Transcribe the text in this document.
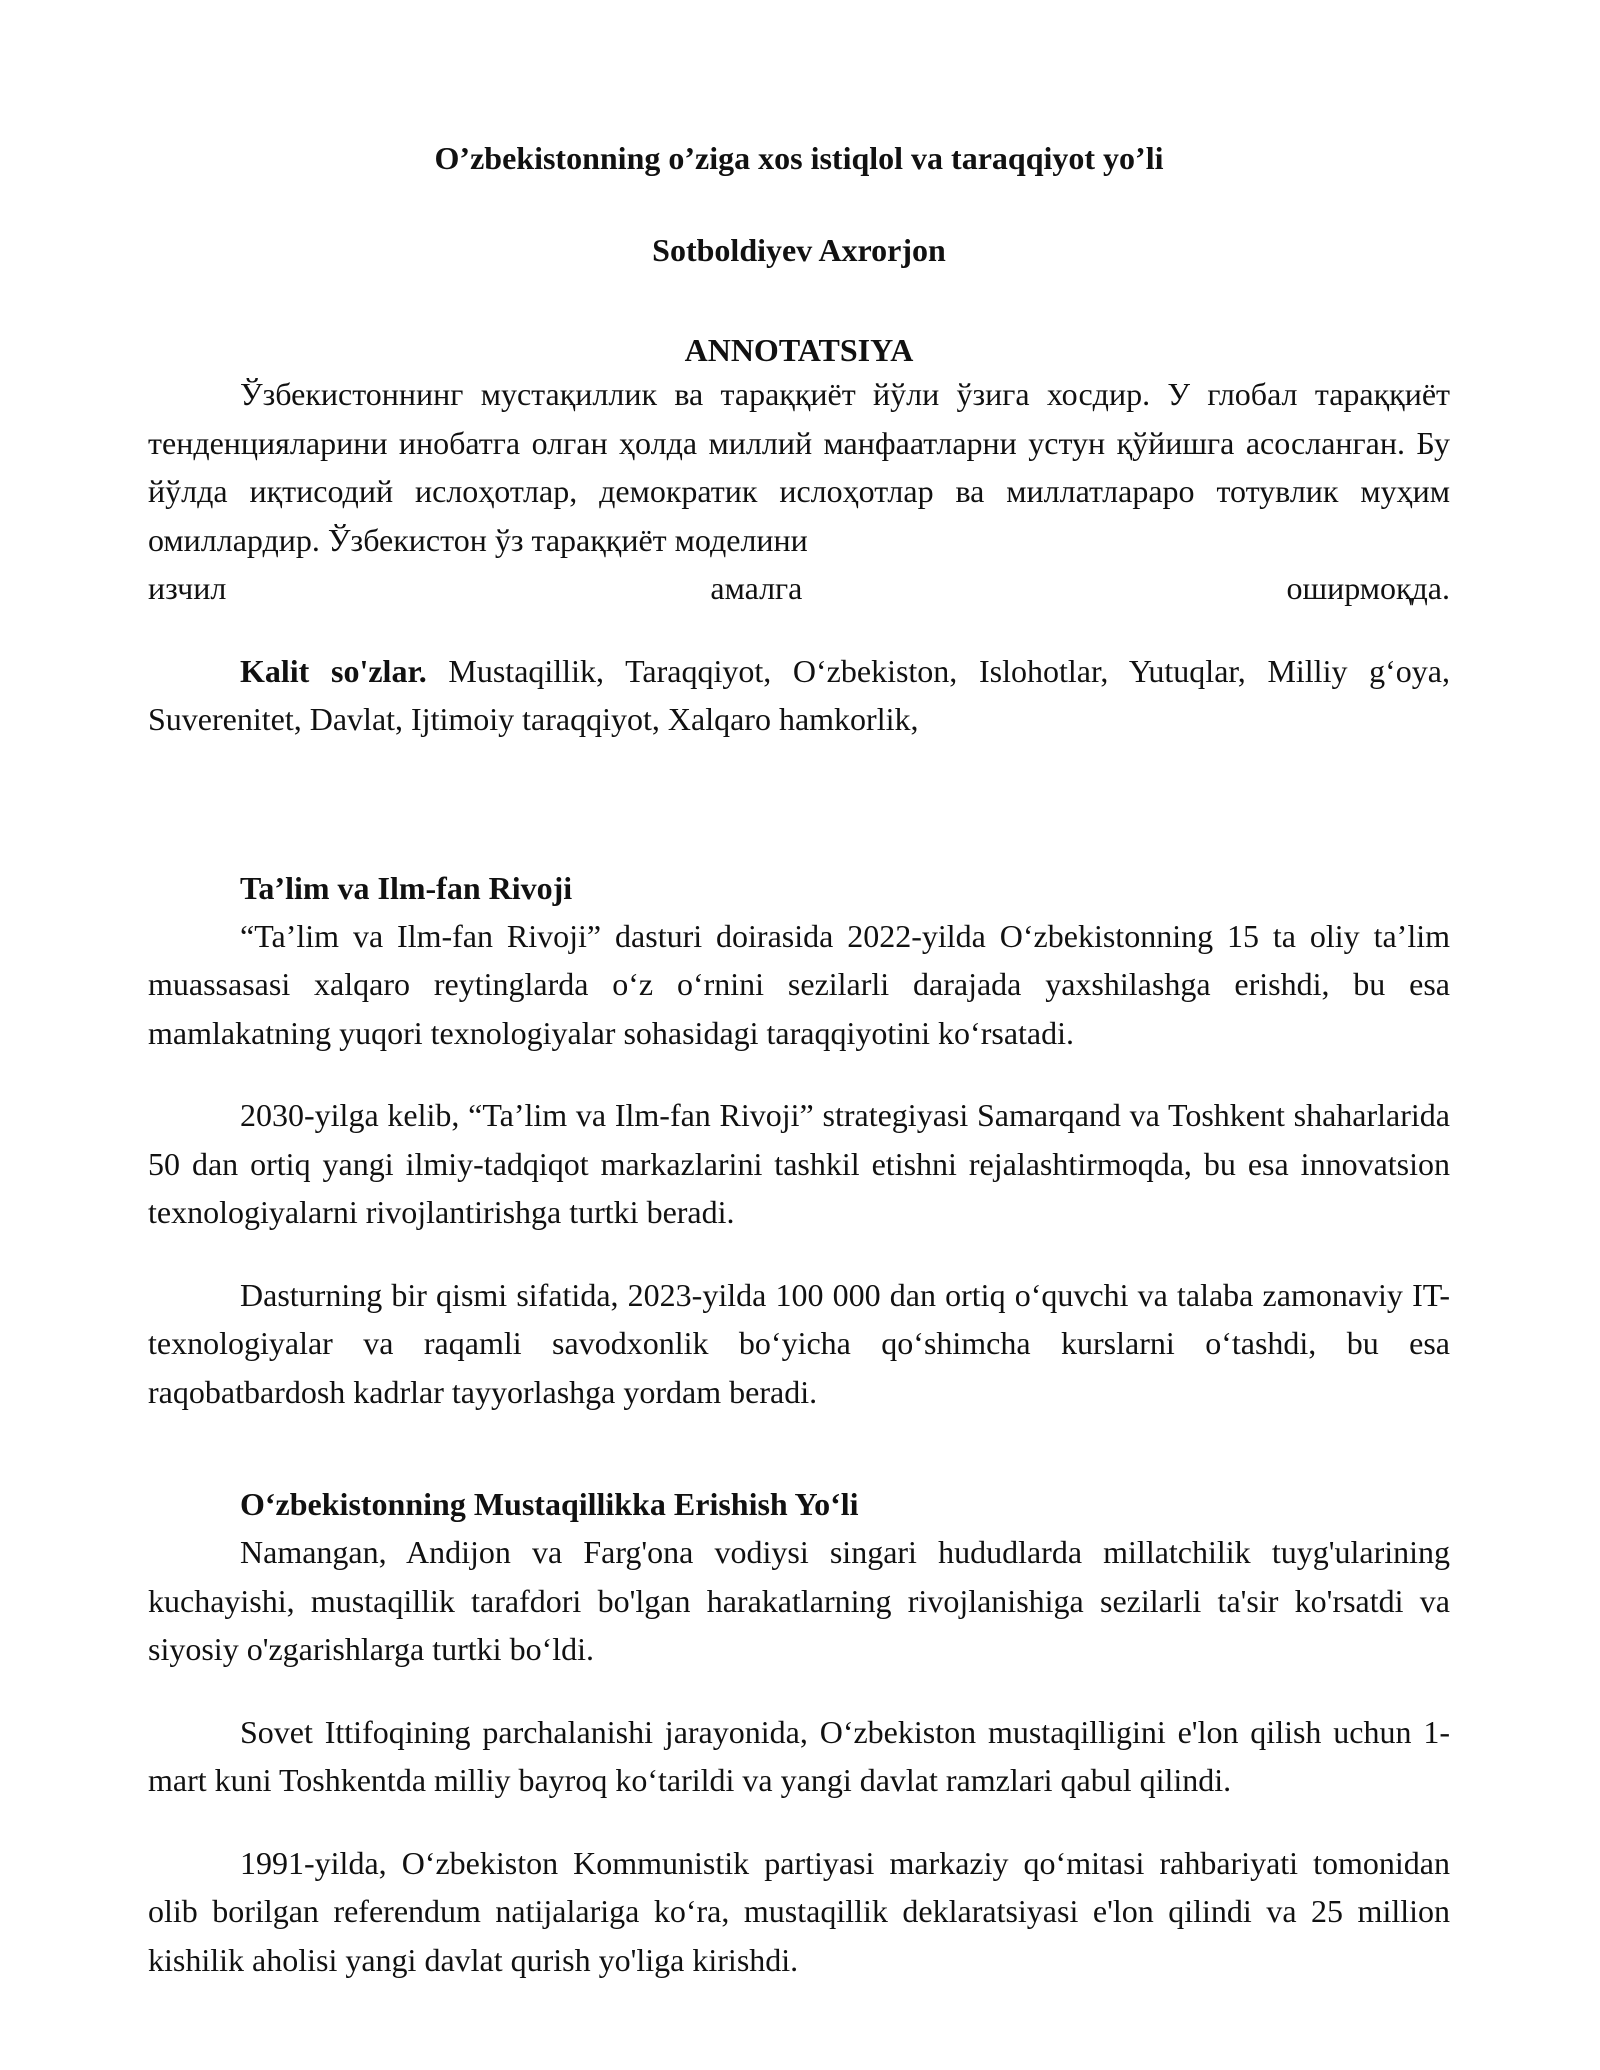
O’zbekistonning o’ziga xos istiqlol va taraqqiyot yo’li
Sotboldiyev Axrorjon
ANNOTATSIYA

Ўзбекистоннинг мустақиллик ва тараққиёт йўли ўзига хосдир. У глобал тараққиёт тенденцияларини инобатга олган ҳолда миллий манфаатларни устун қўйишга асосланган. Бу йўлда иқтисодий ислоҳотлар, демократик ислоҳотлар ва миллатлараро тотувлик муҳим омиллардир. Ўзбекистон ўз тараққиёт моделини

изчил амалга оширмоқда.

Kalit so'zlar. Mustaqillik, Taraqqiyot, O‘zbekiston, Islohotlar, Yutuqlar, Milliy g‘oya, Suverenitet, Davlat, Ijtimoiy taraqqiyot, Xalqaro hamkorlik,

Ta’lim va Ilm-fan Rivoji

“Ta’lim va Ilm-fan Rivoji” dasturi doirasida 2022-yilda O‘zbekistonning 15 ta oliy ta’lim muassasasi xalqaro reytinglarda o‘z o‘rnini sezilarli darajada yaxshilashga erishdi, bu esa mamlakatning yuqori texnologiyalar sohasidagi taraqqiyotini ko‘rsatadi.

2030-yilga kelib, “Ta’lim va Ilm-fan Rivoji” strategiyasi Samarqand va Toshkent shaharlarida 50 dan ortiq yangi ilmiy-tadqiqot markazlarini tashkil etishni rejalashtirmoqda, bu esa innovatsion texnologiyalarni rivojlantirishga turtki beradi.

Dasturning bir qismi sifatida, 2023-yilda 100 000 dan ortiq o‘quvchi va talaba zamonaviy IT-texnologiyalar va raqamli savodxonlik bo‘yicha qo‘shimcha kurslarni o‘tashdi, bu esa raqobatbardosh kadrlar tayyorlashga yordam beradi.

O‘zbekistonning Mustaqillikka Erishish Yo‘li

Namangan, Andijon va Farg'ona vodiysi singari hududlarda millatchilik tuyg'ularining kuchayishi, mustaqillik tarafdori bo'lgan harakatlarning rivojlanishiga sezilarli ta'sir ko'rsatdi va siyosiy o'zgarishlarga turtki bo‘ldi.

Sovet Ittifoqining parchalanishi jarayonida, O‘zbekiston mustaqilligini e'lon qilish uchun 1-mart kuni Toshkentda milliy bayroq ko‘tarildi va yangi davlat ramzlari qabul qilindi.

1991-yilda, O‘zbekiston Kommunistik partiyasi markaziy qo‘mitasi rahbariyati tomonidan olib borilgan referendum natijalariga ko‘ra, mustaqillik deklaratsiyasi e'lon qilindi va 25 million kishilik aholisi yangi davlat qurish yo'liga kirishdi.
